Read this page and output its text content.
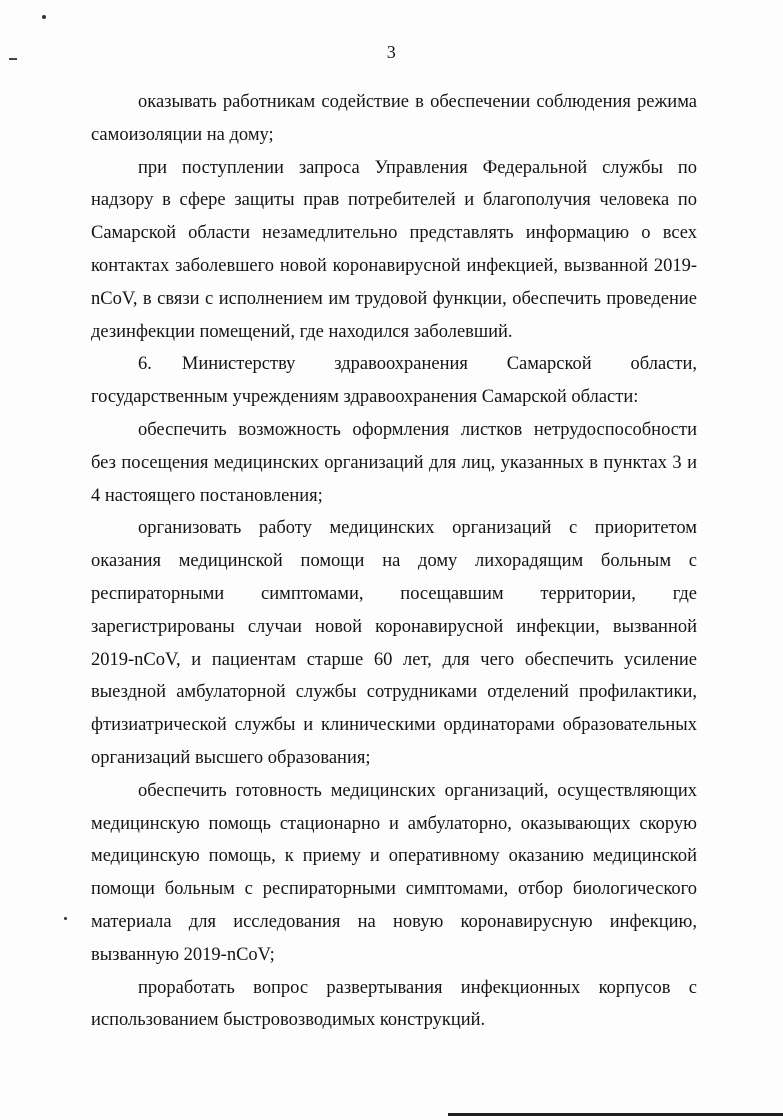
3

оказывать работникам содействие в обеспечении соблюдения режима самоизоляции на дому;

при поступлении запроса Управления Федеральной службы по надзору в сфере защиты прав потребителей и благополучия человека по Самарской области незамедлительно представлять информацию о всех контактах заболевшего новой коронавирусной инфекцией, вызванной 2019-nCoV, в связи с исполнением им трудовой функции, обеспечить проведение дезинфекции помещений, где находился заболевший.

6. Министерству здравоохранения Самарской области, государственным учреждениям здравоохранения Самарской области:

обеспечить возможность оформления листков нетрудоспособности без посещения медицинских организаций для лиц, указанных в пунктах 3 и 4 настоящего постановления;

организовать работу медицинских организаций с приоритетом оказания медицинской помощи на дому лихорадящим больным с респираторными симптомами, посещавшим территории, где зарегистрированы случаи новой коронавирусной инфекции, вызванной 2019-nCoV, и пациентам старше 60 лет, для чего обеспечить усиление выездной амбулаторной службы сотрудниками отделений профилактики, фтизиатрической службы и клиническими ординаторами образовательных организаций высшего образования;

обеспечить готовность медицинских организаций, осуществляющих медицинскую помощь стационарно и амбулаторно, оказывающих скорую медицинскую помощь, к приему и оперативному оказанию медицинской помощи больным с респираторными симптомами, отбор биологического материала для исследования на новую коронавирусную инфекцию, вызванную 2019-nCoV;

проработать вопрос развертывания инфекционных корпусов с использованием быстровозводимых конструкций.
